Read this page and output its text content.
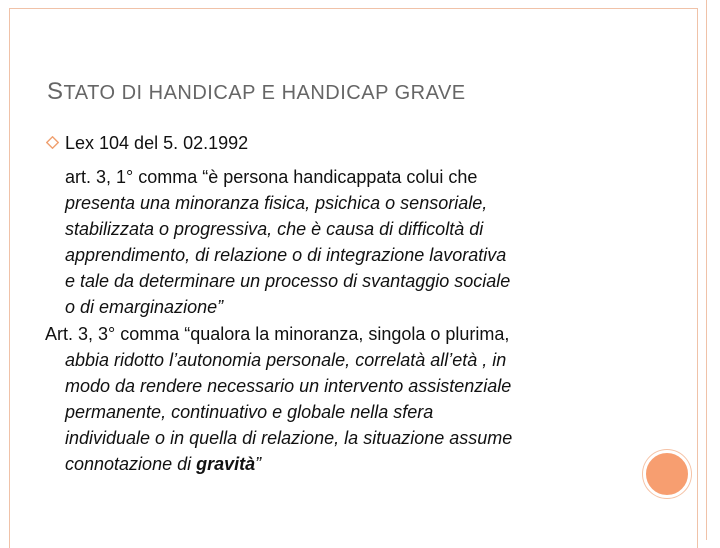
STATO DI HANDICAP E HANDICAP GRAVE
Lex 104 del 5. 02.1992
art. 3, 1° comma “è persona handicappata colui che
presenta una minoranza fisica, psichica o sensoriale,
stabilizzata o progressiva, che è causa di difficoltà di
apprendimento, di relazione o di integrazione lavorativa
e tale da determinare un processo di svantaggio sociale
o di emarginazione”
Art. 3, 3° comma “qualora la minoranza, singola o plurima,
abbia ridotto l’autonomia personale, correlatà all’età , in
modo da rendere necessario un intervento assistenziale
permanente, continuativo e globale nella sfera
individuale o in quella di relazione, la situazione assume
connotazione di gravità”
